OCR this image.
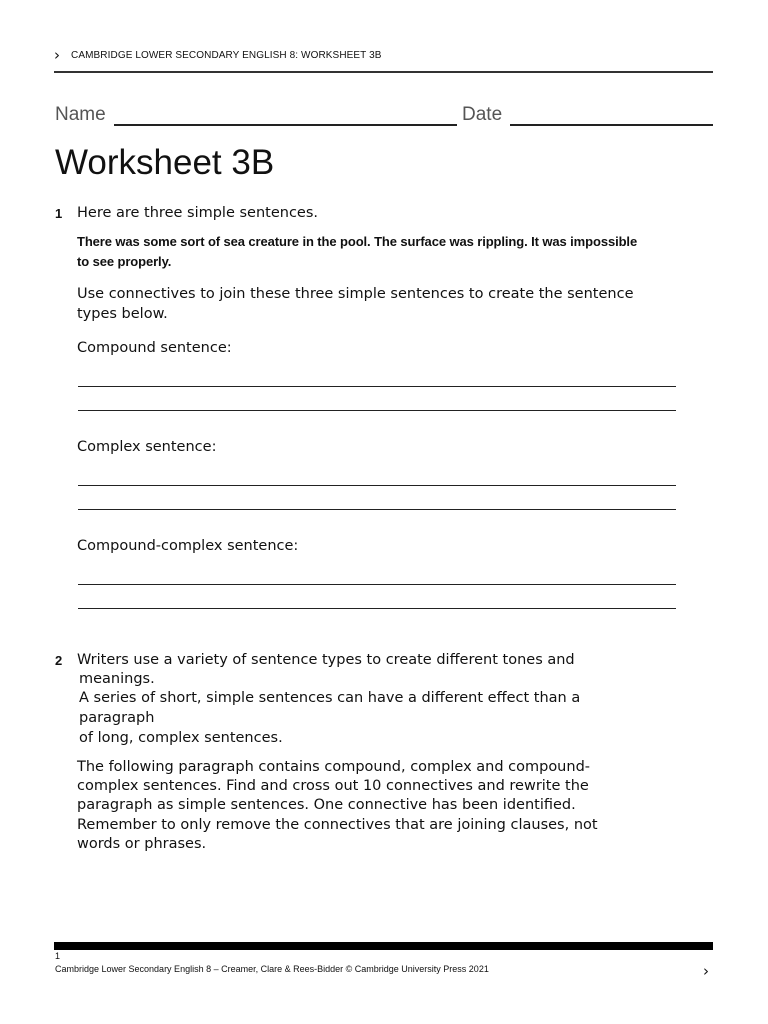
› CAMBRIDGE LOWER SECONDARY ENGLISH 8: WORKSHEET 3B
Name	Date
Worksheet 3B
1 Here are three simple sentences.
There was some sort of sea creature in the pool. The surface was rippling. It was impossible
to see properly.
Use connectives to join these three simple sentences to create the sentence
types below.
Compound sentence:
Complex sentence:
Compound-complex sentence:
2 Writers use a variety of sentence types to create different tones and
meanings.
A series of short, simple sentences can have a different effect than a
paragraph
of long, complex sentences.
The following paragraph contains compound, complex and compound-
complex sentences. Find and cross out 10 connectives and rewrite the
paragraph as simple sentences. One connective has been identified.
Remember to only remove the connectives that are joining clauses, not
words or phrases.
1
Cambridge Lower Secondary English 8 – Creamer, Clare & Rees-Bidder © Cambridge University Press 2021	›
